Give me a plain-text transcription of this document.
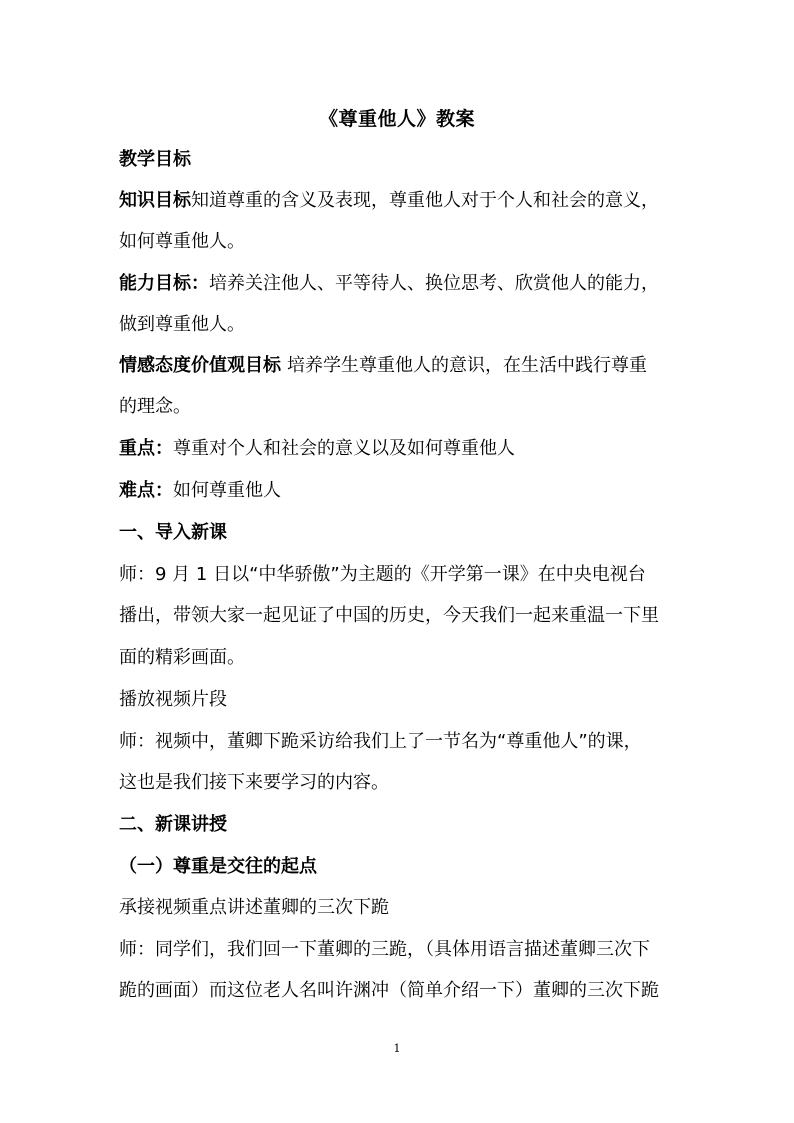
《尊重他人》教案
教学目标
知识目标知道尊重的含义及表现，尊重他人对于个人和社会的意义，
如何尊重他人。
能力目标：培养关注他人、平等待人、换位思考、欣赏他人的能力，
做到尊重他人。
情感态度价值观目标 培养学生尊重他人的意识，在生活中践行尊重
的理念。
重点：尊重对个人和社会的意义以及如何尊重他人
难点：如何尊重他人
一、导入新课
师：9 月 1 日以“中华骄傲”为主题的《开学第一课》在中央电视台
播出，带领大家一起见证了中国的历史，今天我们一起来重温一下里
面的精彩画面。
播放视频片段
师：视频中，董卿下跪采访给我们上了一节名为“尊重他人”的课，
这也是我们接下来要学习的内容。
二、新课讲授
（一）尊重是交往的起点
承接视频重点讲述董卿的三次下跪
师：同学们，我们回一下董卿的三跪，（具体用语言描述董卿三次下
跪的画面）而这位老人名叫许渊冲（简单介绍一下）董卿的三次下跪
1
